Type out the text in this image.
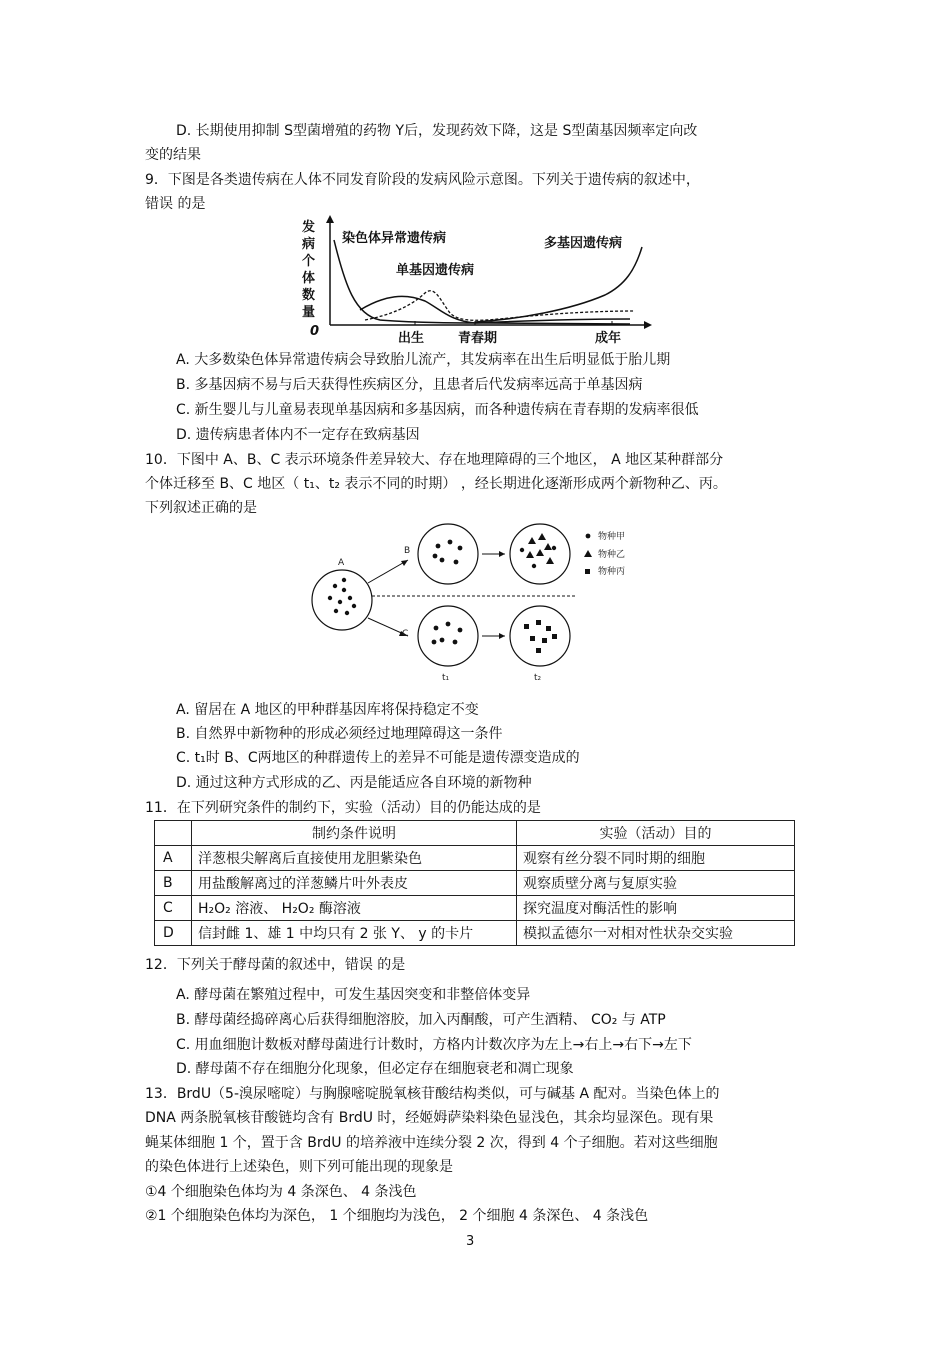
D. 长期使用抑制 S型菌增殖的药物 Y后，发现药效下降，这是 S型菌基因频率定向改
变的结果
9．下图是各类遗传病在人体不同发育阶段的发病风险示意图。下列关于遗传病的叙述中，
错误 的是
发
病
个
体
数
量
0	出生	青春期	成年
染色体异常遗传病
单基因遗传病
多基因遗传病
A. 大多数染色体异常遗传病会导致胎儿流产，其发病率在出生后明显低于胎儿期
B. 多基因病不易与后天获得性疾病区分，且患者后代发病率远高于单基因病
C. 新生婴儿与儿童易表现单基因病和多基因病，而各种遗传病在青春期的发病率很低
D. 遗传病患者体内不一定存在致病基因
10．下图中 A、B、C 表示环境条件差异较大、存在地理障碍的三个地区， A 地区某种群部分
个体迁移至 B、C 地区（ t₁、t₂ 表示不同的时期） ，经长期进化逐渐形成两个新物种乙、丙。
下列叙述正确的是
A
B
C
t₁	t₂
物种甲
物种乙
物种丙
A. 留居在 A 地区的甲种群基因库将保持稳定不变
B. 自然界中新物种的形成必须经过地理障碍这一条件
C. t₁时 B、C两地区的种群遗传上的差异不可能是遗传漂变造成的
D. 通过这种方式形成的乙、丙是能适应各自环境的新物种
11．在下列研究条件的制约下，实验（活动）目的仍能达成的是
	制约条件说明	实验（活动）目的
A	洋葱根尖解离后直接使用龙胆紫染色	观察有丝分裂不同时期的细胞
B	用盐酸解离过的洋葱鳞片叶外表皮	观察质壁分离与复原实验
C	H₂O₂ 溶液、 H₂O₂ 酶溶液	探究温度对酶活性的影响
D	信封雌 1、雄 1 中均只有 2 张 Y、 y 的卡片	模拟孟德尔一对相对性状杂交实验
12．下列关于酵母菌的叙述中，错误 的是
A. 酵母菌在繁殖过程中，可发生基因突变和非整倍体变异
B. 酵母菌经捣碎离心后获得细胞溶胶，加入丙酮酸，可产生酒精、 CO₂ 与 ATP
C. 用血细胞计数板对酵母菌进行计数时，方格内计数次序为左上→右上→右下→左下
D. 酵母菌不存在细胞分化现象，但必定存在细胞衰老和凋亡现象
13．BrdU（5-溴尿嘧啶）与胸腺嘧啶脱氧核苷酸结构类似，可与碱基 A 配对。当染色体上的
DNA 两条脱氧核苷酸链均含有 BrdU 时，经姬姆萨染料染色显浅色，其余均显深色。现有果
蝇某体细胞 1 个，置于含 BrdU 的培养液中连续分裂 2 次，得到 4 个子细胞。若对这些细胞
的染色体进行上述染色，则下列可能出现的现象是
①4 个细胞染色体均为 4 条深色、 4 条浅色
②1 个细胞染色体均为深色， 1 个细胞均为浅色， 2 个细胞 4 条深色、 4 条浅色
3
